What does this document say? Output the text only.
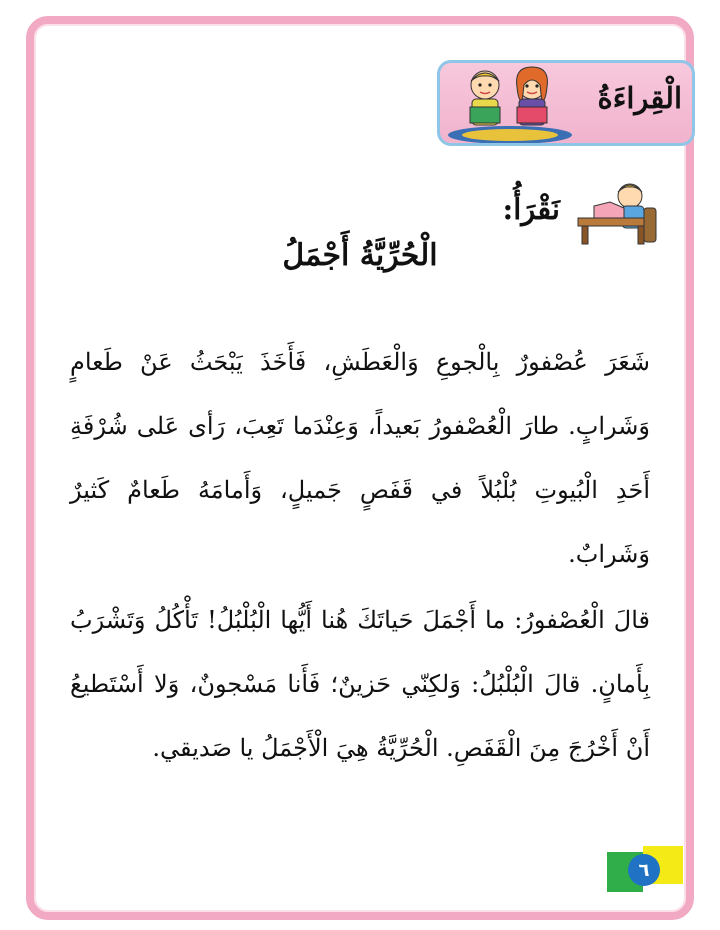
الْقِراءَةُ
نَقْرَأُ:
الْحُرِّيَّةُ أَجْمَلُ
شَعَرَ عُصْفورٌ بِالْجوعِ وَالْعَطَشِ، فَأَخَذَ يَبْحَثُ عَنْ طَعامٍ وَشَرابٍ. طارَ الْعُصْفورُ بَعيداً، وَعِنْدَما تَعِبَ، رَأى عَلى شُرْفَةِ أَحَدِ الْبُيوتِ بُلْبُلاً في قَفَصٍ جَميلٍ، وَأَمامَهُ طَعامٌ كَثيرٌ وَشَرابٌ.
قالَ الْعُصْفورُ: ما أَجْمَلَ حَياتَكَ هُنا أَيُّها الْبُلْبُلُ! تَأْكُلُ وَتَشْرَبُ بِأَمانٍ. قالَ الْبُلْبُلُ: وَلكِنّي حَزينٌ؛ فَأَنا مَسْجونٌ، وَلا أَسْتَطيعُ أَنْ أَخْرُجَ مِنَ الْقَفَصِ. الْحُرِّيَّةُ هِيَ الْأَجْمَلُ يا صَديقي.
٦
